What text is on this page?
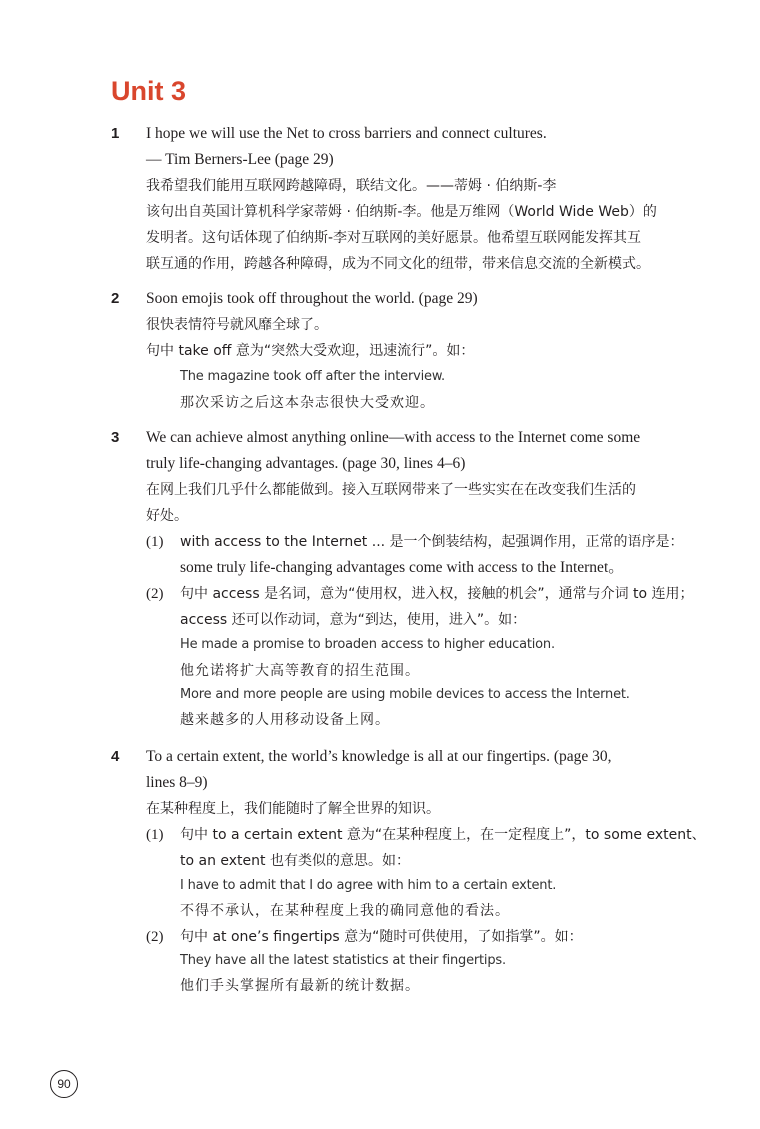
Unit 3
1 I hope we will use the Net to cross barriers and connect cultures.
— Tim Berners-Lee (page 29)
我希望我们能用互联网跨越障碍，联结文化。——蒂姆 · 伯纳斯-李
该句出自英国计算机科学家蒂姆 · 伯纳斯-李。他是万维网（World Wide Web）的
发明者。这句话体现了伯纳斯-李对互联网的美好愿景。他希望互联网能发挥其互
联互通的作用，跨越各种障碍，成为不同文化的纽带，带来信息交流的全新模式。
2 Soon emojis took off throughout the world. (page 29)
很快表情符号就风靡全球了。
句中 take off 意为“突然大受欢迎，迅速流行”。如：
The magazine took off after the interview.
那次采访之后这本杂志很快大受欢迎。
3 We can achieve almost anything online—with access to the Internet come some
truly life-changing advantages. (page 30, lines 4–6)
在网上我们几乎什么都能做到。接入互联网带来了一些实实在在改变我们生活的
好处。
(1) with access to the Internet ... 是一个倒装结构，起强调作用，正常的语序是：
some truly life-changing advantages come with access to the Internet。
(2) 句中 access 是名词，意为“使用权，进入权，接触的机会”，通常与介词 to 连用；
access 还可以作动词，意为“到达，使用，进入”。如：
He made a promise to broaden access to higher education.
他允诺将扩大高等教育的招生范围。
More and more people are using mobile devices to access the Internet.
越来越多的人用移动设备上网。
4 To a certain extent, the world’s knowledge is all at our fingertips. (page 30,
lines 8–9)
在某种程度上，我们能随时了解全世界的知识。
(1) 句中 to a certain extent 意为“在某种程度上，在一定程度上”，to some extent、
to an extent 也有类似的意思。如：
I have to admit that I do agree with him to a certain extent.
不得不承认，在某种程度上我的确同意他的看法。
(2) 句中 at one’s fingertips 意为“随时可供使用，了如指掌”。如：
They have all the latest statistics at their fingertips.
他们手头掌握所有最新的统计数据。
90
